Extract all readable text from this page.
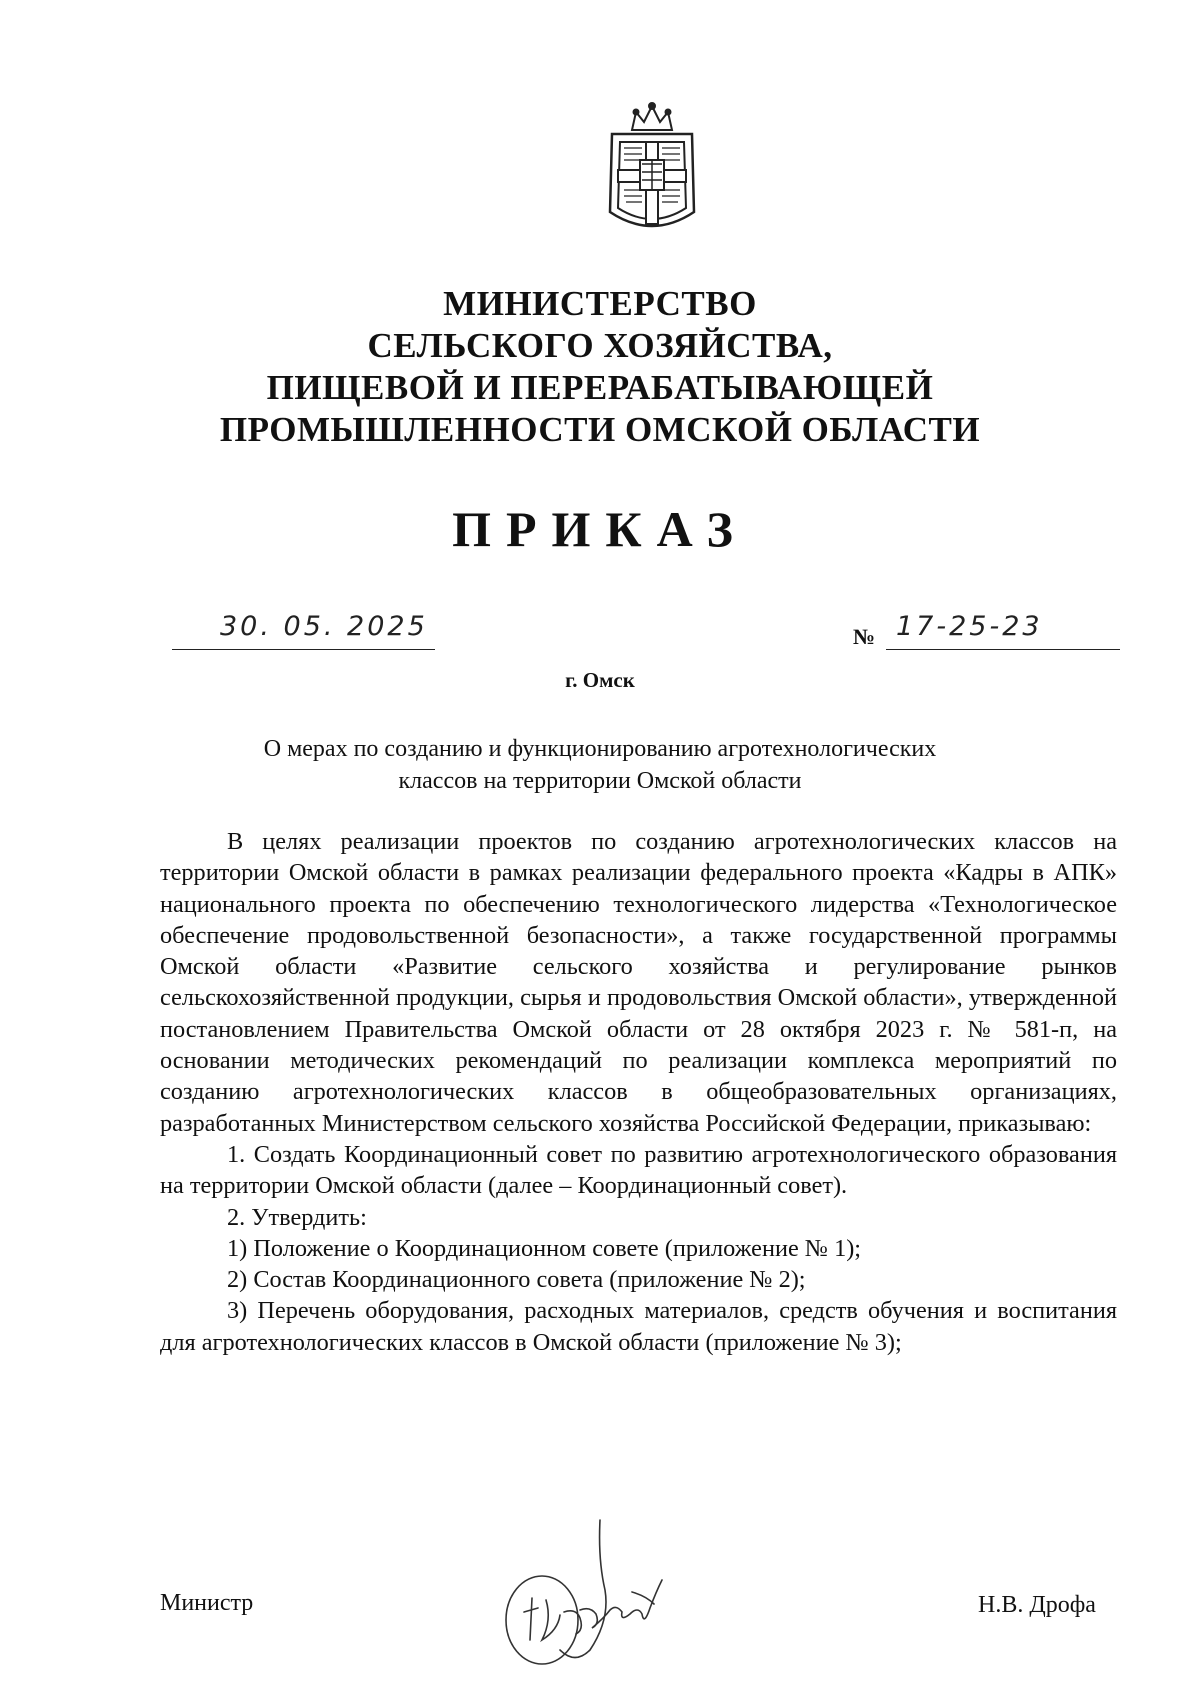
МИНИСТЕРСТВО
СЕЛЬСКОГО ХОЗЯЙСТВА,
ПИЩЕВОЙ И ПЕРЕРАБАТЫВАЮЩЕЙ
ПРОМЫШЛЕННОСТИ ОМСКОЙ ОБЛАСТИ
ПРИКАЗ
30. 05. 2025	№ 17-25-23
г. Омск
О мерах по созданию и функционированию агротехнологических
классов на территории Омской области

В целях реализации проектов по созданию агротехнологических классов на территории Омской области в рамках реализации федерального проекта «Кадры в АПК» национального проекта по обеспечению технологического лидерства «Технологическое обеспечение продовольственной безопасности», а также государственной программы Омской области «Развитие сельского хозяйства и регулирование рынков сельскохозяйственной продукции, сырья и продовольствия Омской области», утвержденной постановлением Правительства Омской области от 28 октября 2023 г. № 581-п, на основании методических рекомендаций по реализации комплекса мероприятий по созданию агротехнологических классов в общеобразовательных организациях, разработанных Министерством сельского хозяйства Российской Федерации, приказываю:

1. Создать Координационный совет по развитию агротехнологического образования на территории Омской области (далее – Координационный совет).

2. Утвердить:

1) Положение о Координационном совете (приложение № 1);

2) Состав Координационного совета (приложение № 2);

3) Перечень оборудования, расходных материалов, средств обучения и воспитания для агротехнологических классов в Омской области (приложение № 3);

Министр	Н.В. Дрофа
